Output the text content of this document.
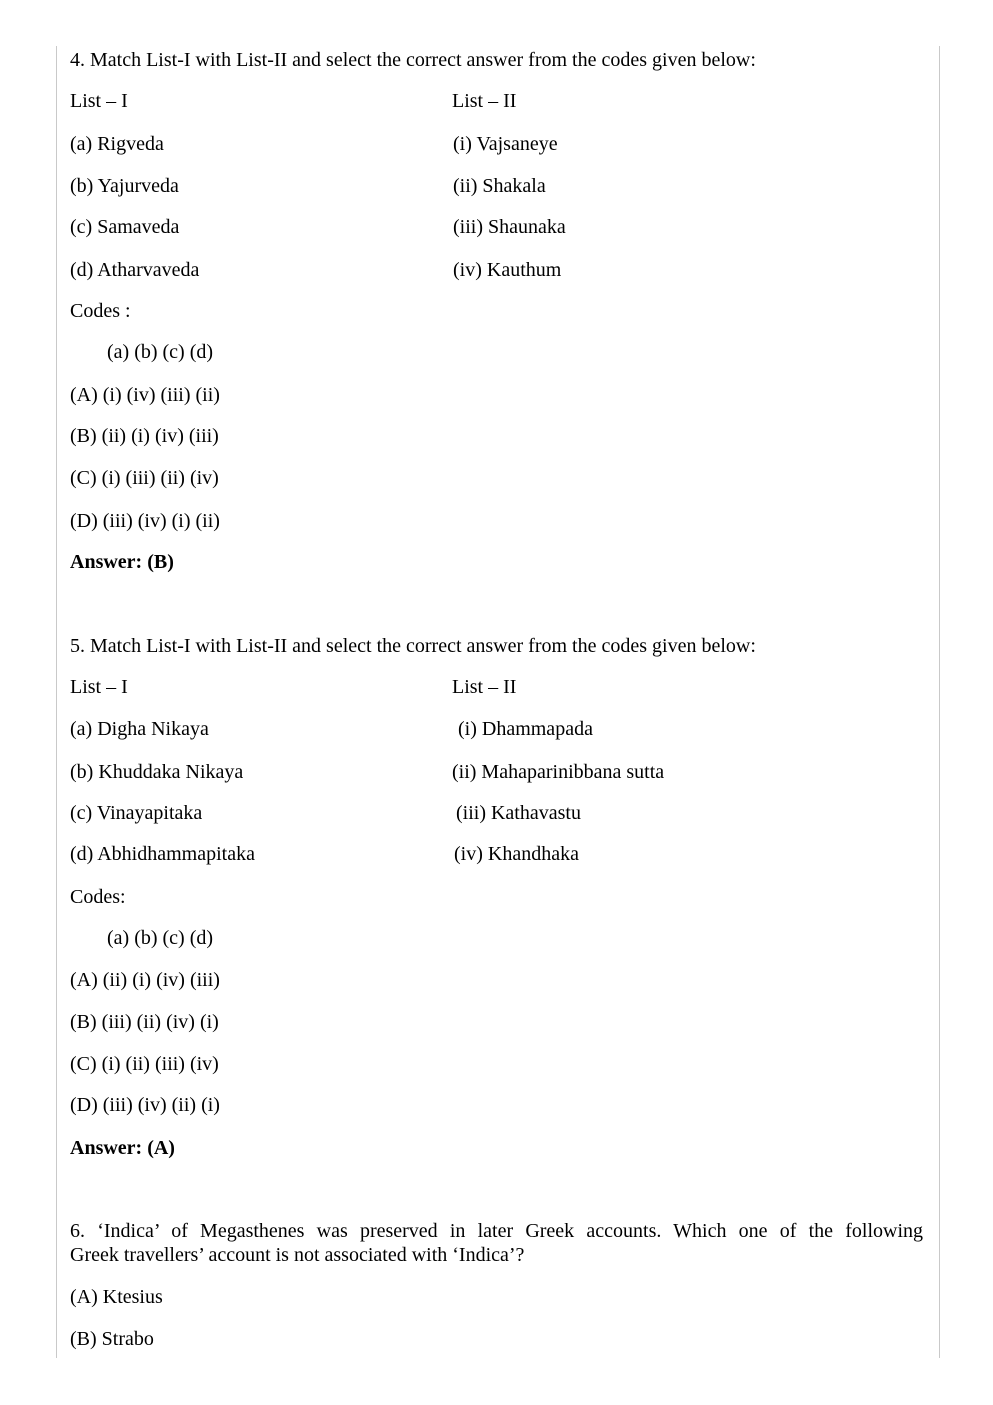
4. Match List-I with List-II and select the correct answer from the codes given below:
List – I	List – II
(a) Rigveda	(i) Vajsaneye
(b) Yajurveda	(ii) Shakala
(c) Samaveda	(iii) Shaunaka
(d) Atharvaveda	(iv) Kauthum
Codes :
(a) (b) (c) (d)
(A) (i) (iv) (iii) (ii)
(B) (ii) (i) (iv) (iii)
(C) (i) (iii) (ii) (iv)
(D) (iii) (iv) (i) (ii)
Answer: (B)
5. Match List-I with List-II and select the correct answer from the codes given below:
List – I	List – II
(a) Digha Nikaya	(i) Dhammapada
(b) Khuddaka Nikaya	(ii) Mahaparinibbana sutta
(c) Vinayapitaka	(iii) Kathavastu
(d) Abhidhammapitaka	(iv) Khandhaka
Codes:
(a) (b) (c) (d)
(A) (ii) (i) (iv) (iii)
(B) (iii) (ii) (iv) (i)
(C) (i) (ii) (iii) (iv)
(D) (iii) (iv) (ii) (i)
Answer: (A)
6. ‘Indica’ of Megasthenes was preserved in later Greek accounts. Which one of the following
Greek travellers’ account is not associated with ‘Indica’?
(A) Ktesius
(B) Strabo
